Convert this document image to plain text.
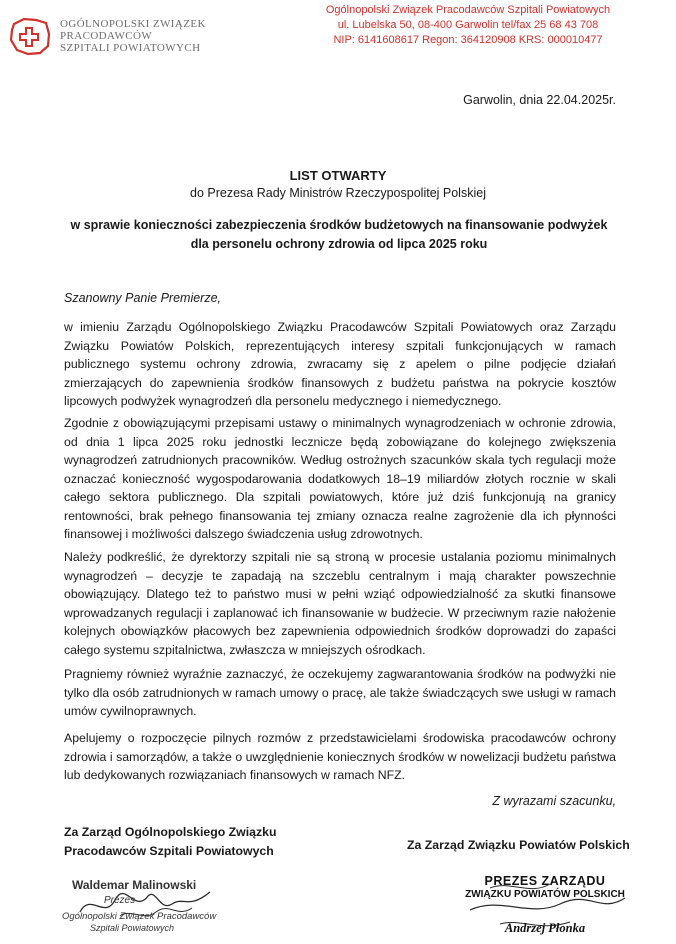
OGÓLNOPOLSKI ZWIĄZEK
PRACODAWCÓW
SZPITALI POWIATOWYCH
Ogólnopolski Związek Pracodawców Szpitali Powiatowych
ul. Lubelska 50, 08-400 Garwolin tel/fax 25 68 43 708
NIP: 6141608617 Regon: 364120908 KRS: 000010477
Garwolin, dnia 22.04.2025r.
LIST OTWARTY
do Prezesa Rady Ministrów Rzeczypospolitej Polskiej
w sprawie konieczności zabezpieczenia środków budżetowych na finansowanie podwyżek dla personelu ochrony zdrowia od lipca 2025 roku
Szanowny Panie Premierze,
w imieniu Zarządu Ogólnopolskiego Związku Pracodawców Szpitali Powiatowych oraz Zarządu Związku Powiatów Polskich, reprezentujących interesy szpitali funkcjonujących w ramach publicznego systemu ochrony zdrowia, zwracamy się z apelem o pilne podjęcie działań zmierzających do zapewnienia środków finansowych z budżetu państwa na pokrycie kosztów lipcowych podwyżek wynagrodzeń dla personelu medycznego i niemedycznego.
Zgodnie z obowiązującymi przepisami ustawy o minimalnych wynagrodzeniach w ochronie zdrowia, od dnia 1 lipca 2025 roku jednostki lecznicze będą zobowiązane do kolejnego zwiększenia wynagrodzeń zatrudnionych pracowników. Według ostrożnych szacunków skala tych regulacji może oznaczać konieczność wygospodarowania dodatkowych 18–19 miliardów złotych rocznie w skali całego sektora publicznego. Dla szpitali powiatowych, które już dziś funkcjonują na granicy rentowności, brak pełnego finansowania tej zmiany oznacza realne zagrożenie dla ich płynności finansowej i możliwości dalszego świadczenia usług zdrowotnych.
Należy podkreślić, że dyrektorzy szpitali nie są stroną w procesie ustalania poziomu minimalnych wynagrodzeń – decyzje te zapadają na szczeblu centralnym i mają charakter powszechnie obowiązujący. Dlatego też to państwo musi w pełni wziąć odpowiedzialność za skutki finansowe wprowadzanych regulacji i zaplanować ich finansowanie w budżecie. W przeciwnym razie nałożenie kolejnych obowiązków płacowych bez zapewnienia odpowiednich środków doprowadzi do zapaści całego systemu szpitalnictwa, zwłaszcza w mniejszych ośrodkach.
Pragniemy również wyraźnie zaznaczyć, że oczekujemy zagwarantowania środków na podwyżki nie tylko dla osób zatrudnionych w ramach umowy o pracę, ale także świadczących swe usługi w ramach umów cywilnoprawnych.
Apelujemy o rozpoczęcie pilnych rozmów z przedstawicielami środowiska pracodawców ochrony zdrowia i samorządów, a także o uwzględnienie koniecznych środków w nowelizacji budżetu państwa lub dedykowanych rozwiązaniach finansowych w ramach NFZ.
Z wyrazami szacunku,
Za Zarząd Ogólnopolskiego Związku
Pracodawców Szpitali Powiatowych	Za Zarząd Związku Powiatów Polskich
Waldemar Malinowski
Prezes
Ogólnopolski Związek Pracodawców
Szpitali Powiatowych
PREZES ZARZĄDU
ZWIĄZKU POWIATÓW POLSKICH
Andrzej Płonka
